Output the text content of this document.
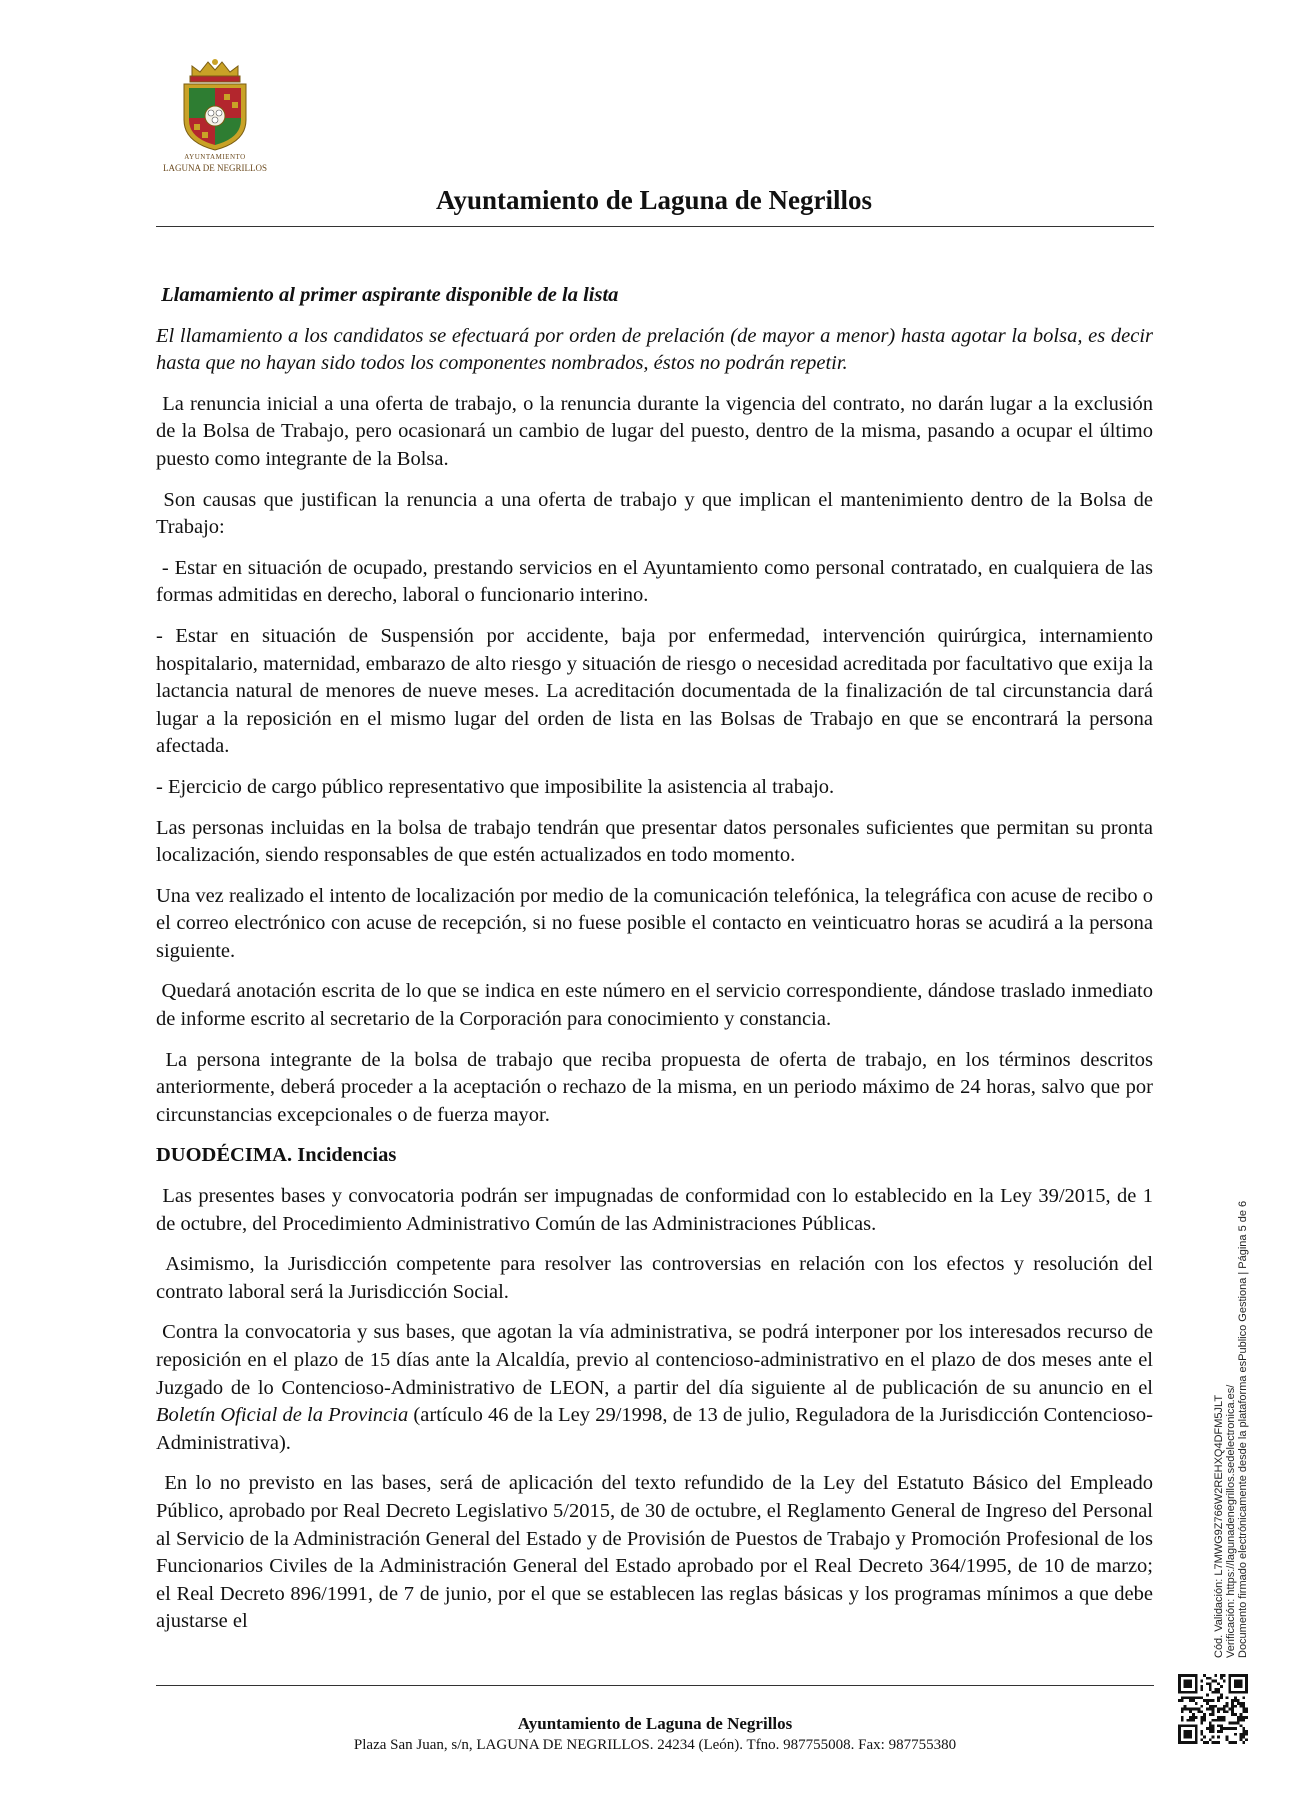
AYUNTAMIENTO
LAGUNA DE NEGRILLOS
Ayuntamiento de Laguna de Negrillos

Llamamiento al primer aspirante disponible de la lista

El llamamiento a los candidatos se efectuará por orden de prelación (de mayor a menor) hasta agotar la bolsa, es decir hasta que no hayan sido todos los componentes nombrados, éstos no podrán repetir.

La renuncia inicial a una oferta de trabajo, o la renuncia durante la vigencia del contrato, no darán lugar a la exclusión de la Bolsa de Trabajo, pero ocasionará un cambio de lugar del puesto, dentro de la misma, pasando a ocupar el último puesto como integrante de la Bolsa.

Son causas que justifican la renuncia a una oferta de trabajo y que implican el mantenimiento dentro de la Bolsa de Trabajo:

- Estar en situación de ocupado, prestando servicios en el Ayuntamiento como personal contratado, en cualquiera de las formas admitidas en derecho, laboral o funcionario interino.

- Estar en situación de Suspensión por accidente, baja por enfermedad, intervención quirúrgica, internamiento hospitalario, maternidad, embarazo de alto riesgo y situación de riesgo o necesidad acreditada por facultativo que exija la lactancia natural de menores de nueve meses. La acreditación documentada de la finalización de tal circunstancia dará lugar a la reposición en el mismo lugar del orden de lista en las Bolsas de Trabajo en que se encontrará la persona afectada.

- Ejercicio de cargo público representativo que imposibilite la asistencia al trabajo.

Las personas incluidas en la bolsa de trabajo tendrán que presentar datos personales suficientes que permitan su pronta localización, siendo responsables de que estén actualizados en todo momento.

Una vez realizado el intento de localización por medio de la comunicación telefónica, la telegráfica con acuse de recibo o el correo electrónico con acuse de recepción, si no fuese posible el contacto en veinticuatro horas se acudirá a la persona siguiente.

Quedará anotación escrita de lo que se indica en este número en el servicio correspondiente, dándose traslado inmediato de informe escrito al secretario de la Corporación para conocimiento y constancia.

La persona integrante de la bolsa de trabajo que reciba propuesta de oferta de trabajo, en los términos descritos anteriormente, deberá proceder a la aceptación o rechazo de la misma, en un periodo máximo de 24 horas, salvo que por circunstancias excepcionales o de fuerza mayor.

DUODÉCIMA. Incidencias

Las presentes bases y convocatoria podrán ser impugnadas de conformidad con lo establecido en la Ley 39/2015, de 1 de octubre, del Procedimiento Administrativo Común de las Administraciones Públicas.

Asimismo, la Jurisdicción competente para resolver las controversias en relación con los efectos y resolución del contrato laboral será la Jurisdicción Social.

Contra la convocatoria y sus bases, que agotan la vía administrativa, se podrá interponer por los interesados recurso de reposición en el plazo de 15 días ante la Alcaldía, previo al contencioso-administrativo en el plazo de dos meses ante el Juzgado de lo Contencioso-Administrativo de LEON, a partir del día siguiente al de publicación de su anuncio en el Boletín Oficial de la Provincia (artículo 46 de la Ley 29/1998, de 13 de julio, Reguladora de la Jurisdicción Contencioso-Administrativa).

En lo no previsto en las bases, será de aplicación del texto refundido de la Ley del Estatuto Básico del Empleado Público, aprobado por Real Decreto Legislativo 5/2015, de 30 de octubre, el Reglamento General de Ingreso del Personal al Servicio de la Administración General del Estado y de Provisión de Puestos de Trabajo y Promoción Profesional de los Funcionarios Civiles de la Administración General del Estado aprobado por el Real Decreto 364/1995, de 10 de marzo; el Real Decreto 896/1991, de 7 de junio, por el que se establecen las reglas básicas y los programas mínimos a que debe ajustarse el

Ayuntamiento de Laguna de Negrillos
Plaza San Juan, s/n, LAGUNA DE NEGRILLOS. 24234 (León). Tfno. 987755008. Fax: 987755380
Cód. Validación: L7MWG9Z766W2REHXQ4DFM5JLT Verificación: https://lagunadenegrillos.sedelectronica.es/ Documento firmado electrónicamente desde la plataforma esPublico Gestiona | Página 5 de 6
